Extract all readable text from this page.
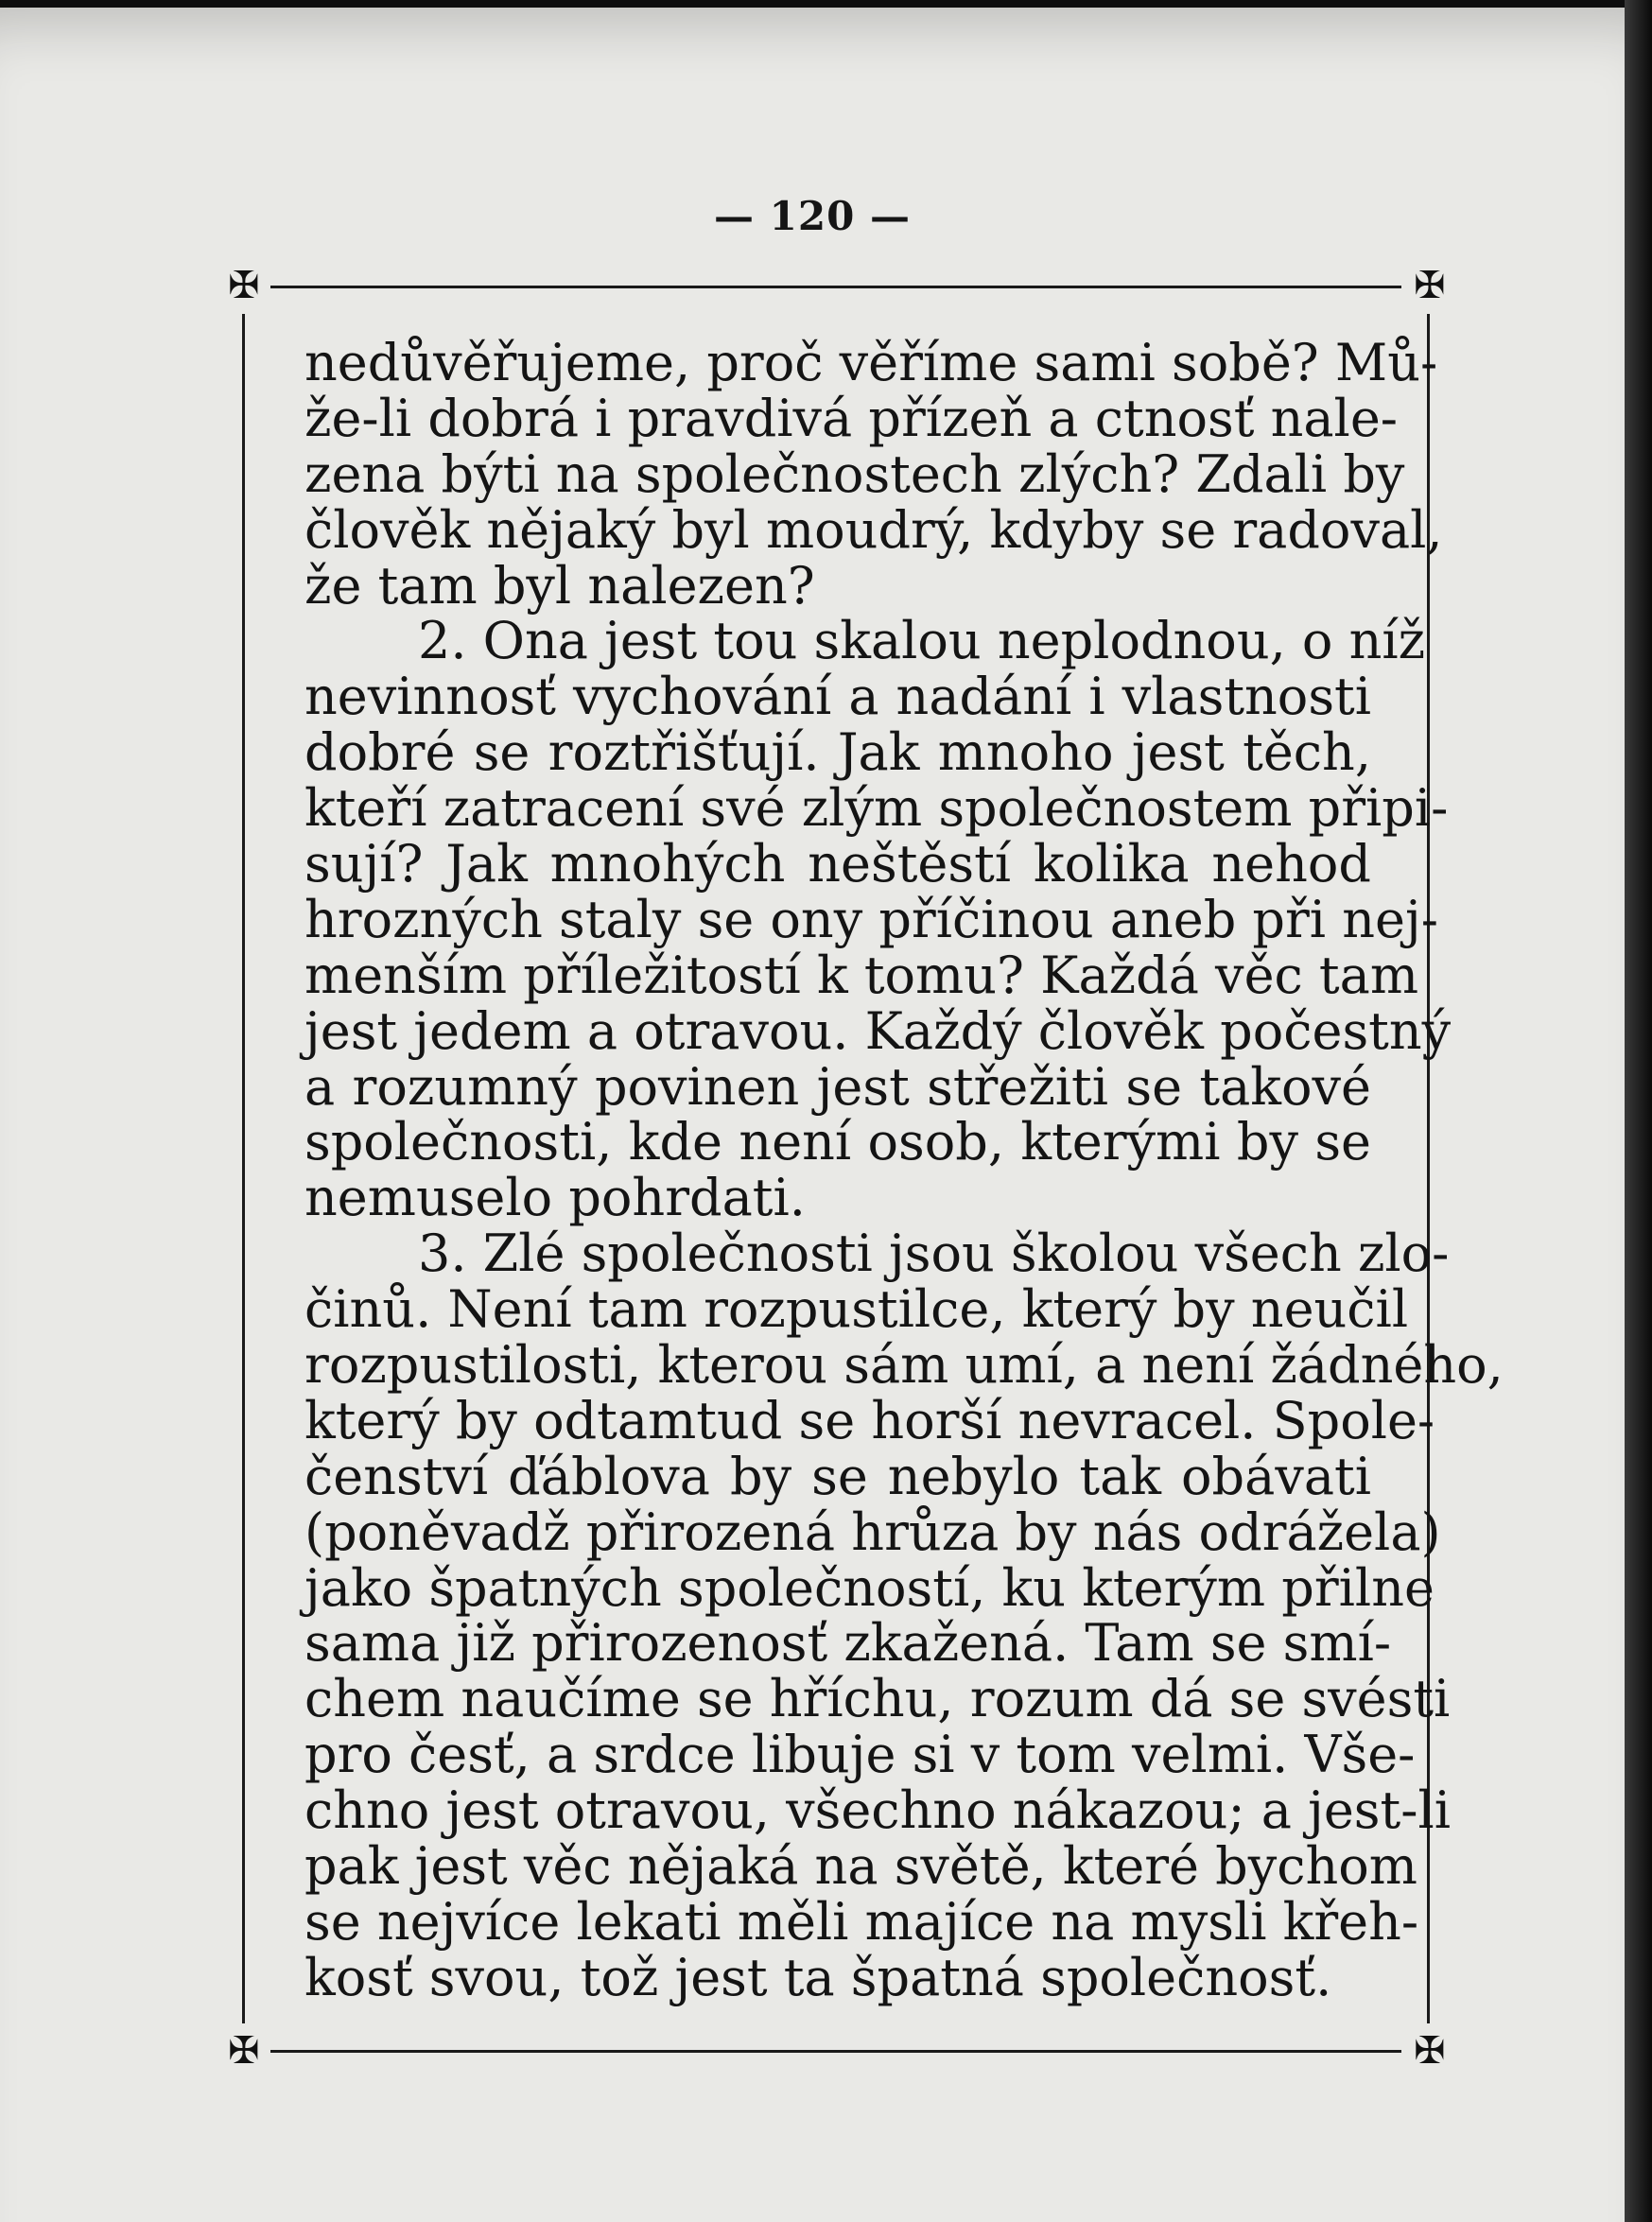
— 120 —
✠	✠
✠	✠
nedůvěřujeme, proč věříme sami sobě? Mů-
že-li dobrá i pravdivá přízeň a ctnosť nale-
zena býti na společnostech zlých? Zdali by
člověk nějaký byl moudrý, kdyby se radoval,
že tam byl nalezen?
2. Ona jest tou skalou neplodnou, o níž
nevinnosť vychování a nadání i vlastnosti
dobré se roztřišťují. Jak mnoho jest těch,
kteří zatracení své zlým společnostem připi-
sují? Jak mnohých neštěstí kolika nehod
hrozných staly se ony příčinou aneb při nej-
menším příležitostí k tomu? Každá věc tam
jest jedem a otravou. Každý člověk počestný
a rozumný povinen jest střežiti se takové
společnosti, kde není osob, kterými by se
nemuselo pohrdati.
3. Zlé společnosti jsou školou všech zlo-
činů. Není tam rozpustilce, který by neučil
rozpustilosti, kterou sám umí, a není žádného,
který by odtamtud se horší nevracel. Spole-
čenství ďáblova by se nebylo tak obávati
(poněvadž přirozená hrůza by nás odrážela)
jako špatných společností, ku kterým přilne
sama již přirozenosť zkažená. Tam se smí-
chem naučíme se hříchu, rozum dá se svésti
pro česť, a srdce libuje si v tom velmi. Vše-
chno jest otravou, všechno nákazou; a jest-li
pak jest věc nějaká na světě, které bychom
se nejvíce lekati měli majíce na mysli křeh-
kosť svou, tož jest ta špatná společnosť.
